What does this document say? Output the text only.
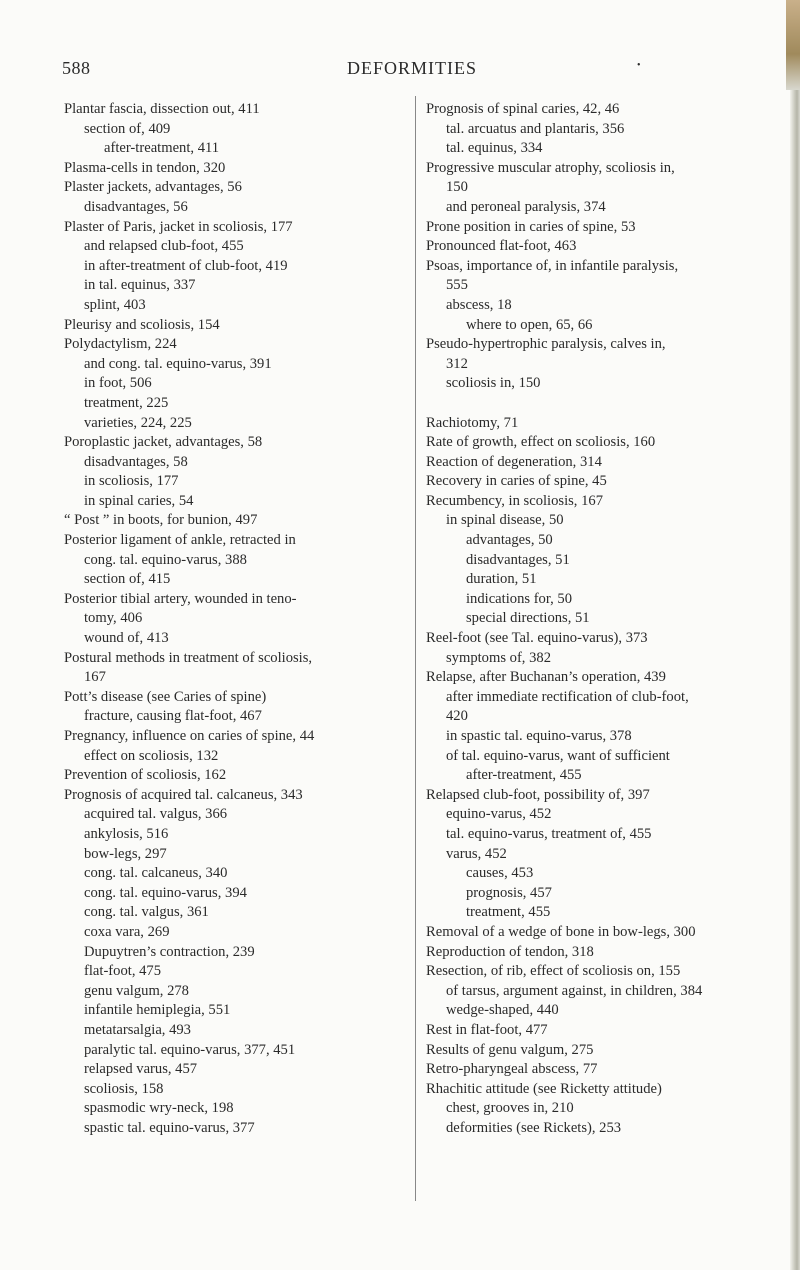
588	DEFORMITIES	•
Plantar fascia, dissection out, 411
section of, 409
after-treatment, 411
Plasma-cells in tendon, 320
Plaster jackets, advantages, 56
disadvantages, 56
Plaster of Paris, jacket in scoliosis, 177
and relapsed club-foot, 455
in after-treatment of club-foot, 419
in tal. equinus, 337
splint, 403
Pleurisy and scoliosis, 154
Polydactylism, 224
and cong. tal. equino-varus, 391
in foot, 506
treatment, 225
varieties, 224, 225
Poroplastic jacket, advantages, 58
disadvantages, 58
in scoliosis, 177
in spinal caries, 54
“ Post ” in boots, for bunion, 497
Posterior ligament of ankle, retracted in
cong. tal. equino-varus, 388
section of, 415
Posterior tibial artery, wounded in teno-
tomy, 406
wound of, 413
Postural methods in treatment of scoliosis,
167
Pott’s disease (see Caries of spine)
fracture, causing flat-foot, 467
Pregnancy, influence on caries of spine, 44
effect on scoliosis, 132
Prevention of scoliosis, 162
Prognosis of acquired tal. calcaneus, 343
acquired tal. valgus, 366
ankylosis, 516
bow-legs, 297
cong. tal. calcaneus, 340
cong. tal. equino-varus, 394
cong. tal. valgus, 361
coxa vara, 269
Dupuytren’s contraction, 239
flat-foot, 475
genu valgum, 278
infantile hemiplegia, 551
metatarsalgia, 493
paralytic tal. equino-varus, 377, 451
relapsed varus, 457
scoliosis, 158
spasmodic wry-neck, 198
spastic tal. equino-varus, 377
Prognosis of spinal caries, 42, 46
tal. arcuatus and plantaris, 356
tal. equinus, 334
Progressive muscular atrophy, scoliosis in,
150
and peroneal paralysis, 374
Prone position in caries of spine, 53
Pronounced flat-foot, 463
Psoas, importance of, in infantile paralysis,
555
abscess, 18
where to open, 65, 66
Pseudo-hypertrophic paralysis, calves in,
312
scoliosis in, 150

Rachiotomy, 71
Rate of growth, effect on scoliosis, 160
Reaction of degeneration, 314
Recovery in caries of spine, 45
Recumbency, in scoliosis, 167
in spinal disease, 50
advantages, 50
disadvantages, 51
duration, 51
indications for, 50
special directions, 51
Reel-foot (see Tal. equino-varus), 373
symptoms of, 382
Relapse, after Buchanan’s operation, 439
after immediate rectification of club-foot,
420
in spastic tal. equino-varus, 378
of tal. equino-varus, want of sufficient
after-treatment, 455
Relapsed club-foot, possibility of, 397
equino-varus, 452
tal. equino-varus, treatment of, 455
varus, 452
causes, 453
prognosis, 457
treatment, 455
Removal of a wedge of bone in bow-legs, 300
Reproduction of tendon, 318
Resection, of rib, effect of scoliosis on, 155
of tarsus, argument against, in children, 384
wedge-shaped, 440
Rest in flat-foot, 477
Results of genu valgum, 275
Retro-pharyngeal abscess, 77
Rhachitic attitude (see Ricketty attitude)
chest, grooves in, 210
deformities (see Rickets), 253
